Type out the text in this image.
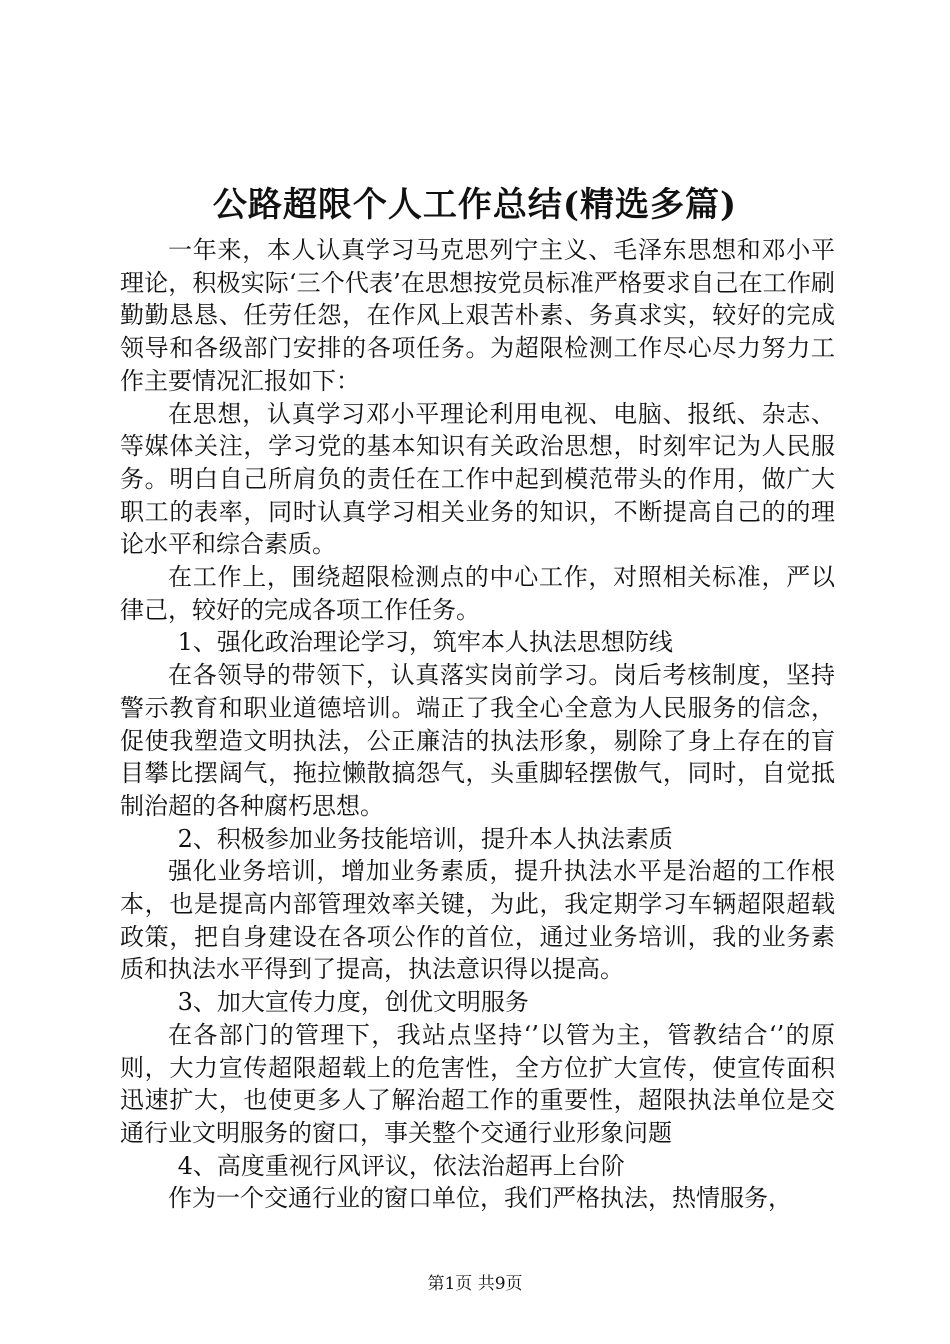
公路超限个人工作总结(精选多篇)

一年来，本人认真学习马克思列宁主义、毛泽东思想和邓小平理论，积极实际‘三个代表’在思想按党员标准严格要求自己在工作刷勤勤恳恳、任劳任怨，在作风上艰苦朴素、务真求实，较好的完成领导和各级部门安排的各项任务。为超限检测工作尽心尽力努力工作主要情况汇报如下：

在思想，认真学习邓小平理论利用电视、电脑、报纸、杂志、等媒体关注，学习党的基本知识有关政治思想，时刻牢记为人民服务。明白自己所肩负的责任在工作中起到模范带头的作用，做广大职工的表率，同时认真学习相关业务的知识，不断提高自己的的理论水平和综合素质。

在工作上，围绕超限检测点的中心工作，对照相关标准，严以律己，较好的完成各项工作任务。

1、强化政治理论学习，筑牢本人执法思想防线

在各领导的带领下，认真落实岗前学习。岗后考核制度，坚持警示教育和职业道德培训。端正了我全心全意为人民服务的信念，促使我塑造文明执法，公正廉洁的执法形象，剔除了身上存在的盲目攀比摆阔气，拖拉懒散搞怨气，头重脚轻摆傲气，同时，自觉抵制治超的各种腐朽思想。

2、积极参加业务技能培训，提升本人执法素质

强化业务培训，增加业务素质，提升执法水平是治超的工作根本，也是提高内部管理效率关键，为此，我定期学习车辆超限超载政策，把自身建设在各项公作的首位，通过业务培训，我的业务素质和执法水平得到了提高，执法意识得以提高。

3、加大宣传力度，创优文明服务

在各部门的管理下，我站点坚持‘’以管为主，管教结合‘’的原则，大力宣传超限超载上的危害性，全方位扩大宣传，使宣传面积迅速扩大，也使更多人了解治超工作的重要性，超限执法单位是交通行业文明服务的窗口，事关整个交通行业形象问题

4、高度重视行风评议，依法治超再上台阶

作为一个交通行业的窗口单位，我们严格执法，热情服务，

第1页 共9页
